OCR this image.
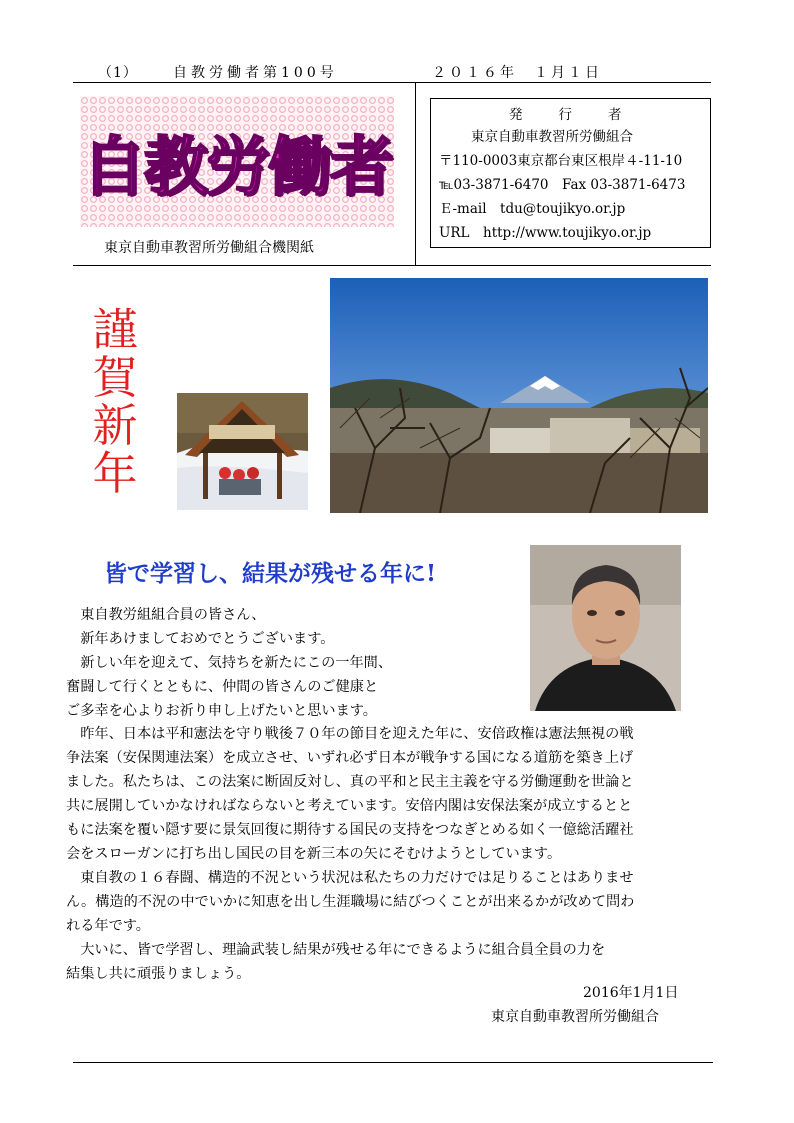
（1）	自教労働者第100号	２０１６年　１月１日
自教労働者
東京自動車教習所労働組合機関紙
発行者
東京自動車教習所労働組合
〒110-0003東京都台東区根岸４-11-10
℡03-3871-6470　Fax 03-3871-6473
Ｅ-mail　tdu@toujikyo.or.jp
URL　http://www.toujikyo.or.jp
謹
賀
新
年
皆で学習し、結果が残せる年に!
　東自教労組組合員の皆さん、
　新年あけましておめでとうございます。
　新しい年を迎えて、気持ちを新たにこの一年間、
奮闘して行くとともに、仲間の皆さんのご健康と
ご多幸を心よりお祈り申し上げたいと思います。
　昨年、日本は平和憲法を守り戦後７０年の節目を迎えた年に、安倍政権は憲法無視の戦
争法案（安保関連法案）を成立させ、いずれ必ず日本が戦争する国になる道筋を築き上げ
ました。私たちは、この法案に断固反対し、真の平和と民主主義を守る労働運動を世論と
共に展開していかなければならないと考えています。安倍内閣は安保法案が成立するとと
もに法案を覆い隠す要に景気回復に期待する国民の支持をつなぎとめる如く一億総活躍社
会をスローガンに打ち出し国民の目を新三本の矢にそむけようとしています。
　東自教の１６春闘、構造的不況という状況は私たちの力だけでは足りることはありませ
ん。構造的不況の中でいかに知恵を出し生涯職場に結びつくことが出来るかが改めて問わ
れる年です。
　大いに、皆で学習し、理論武装し結果が残せる年にできるように組合員全員の力を
結集し共に頑張りましょう。
2016年1月1日
東京自動車教習所労働組合
